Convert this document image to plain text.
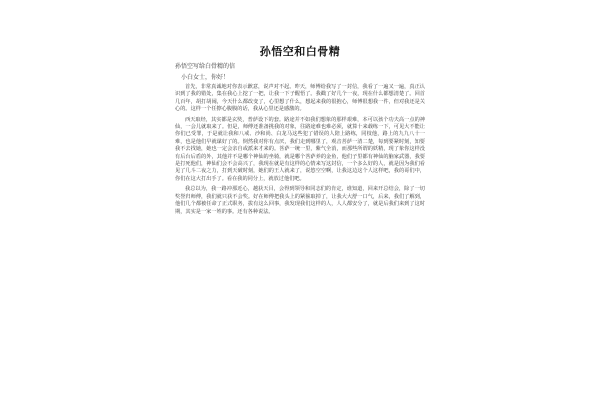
孙悟空和白骨精
孙悟空写给白骨精的信
小白女士，你好！

首先，非常真诚地对你表示歉意，说声对不起。昨天，师傅给我写了一封信，我看了一遍又一遍，真正认识到了我的错处，集在我心上挖了一把，让我一下子醒悟了。我戳了好几个一夜，现在什么都想清楚了。回首几百年，胡打胡闹，今天什么都改变了，心里想了什么，想起来我的很抱心，师傅很想我一件，但对我还是关心的。这样一个任擦心腹腹的话，我从心里还是感激的。

西天取经，其实都是玄奘，普萨设下的套。路途并不如我们想象的那样艰难，本可以孩个功夫高一点的神仙，一会儿就取来了。但是，师傅还准备挑我的对象，往路途难也难必须，就算十来载练一下，可见大不能让你们已受罪，于是就让我和八戒、沙和尚、白龙马这些犯了错误的人陪上路练，同枝他，路上的九九八十一难，也是他们早就谋好了的。倒然我对你有点厌，我们走到哪里了，观音菩萨一清二楚，每到要紧时刻，知要我不去找她，她也一定会亲自或派来才来的。菩萨一统一里，紫气全消，而那些所谓的妖精，现了象你这样没有后台后盾的外，其他并不是哪个神仙的坐骑，就是哪个菩萨养的金鱼，他们子里都有神仙的脑家武器，我要是打死他们，神仙们会不会高兴了，我现在就是有这样的心情来写这封信，一个多么好的人，就是因为我们看见了几斗二夜之力，打到天破时刻，她们的王人就来了，说悠空空啊，让我这边这个人这样吧，我的哥们中，你们在这大打出手了。看在我的同分上，就放过他们吧。

我总以为，我一路冲那近心，越获天目，会得到领导和同志们的肯定，谁知道，回来开总结会，除了一切奖誉归师傅，我们就只获不会奖。好在师傅把我头上的紧箍取掉了，让我大大舒一口气，后来，我们了解到，他们几个都被任命了正式职务，拔有这么回事，我发现我们这样的人，人人都安分了，就是后我们来到了这时期，其实是一家一姓的事。还有各种说法。
